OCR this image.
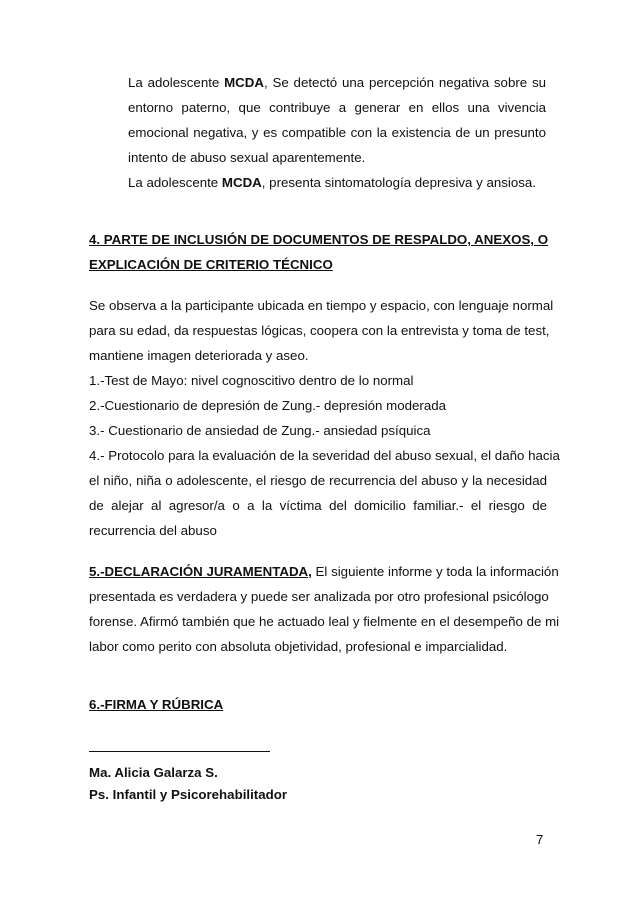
La adolescente MCDA, Se detectó una percepción negativa sobre su
entorno paterno, que contribuye a generar en ellos una vivencia
emocional negativa, y es compatible con la existencia de un presunto
intento de abuso sexual aparentemente.
La adolescente MCDA, presenta sintomatología depresiva y ansiosa.
4. PARTE DE INCLUSIÓN DE DOCUMENTOS DE RESPALDO, ANEXOS, O
EXPLICACIÓN DE CRITERIO TÉCNICO
Se observa a la participante ubicada en tiempo y espacio, con lenguaje normal
para su edad, da respuestas lógicas, coopera con la entrevista y toma de test,
mantiene imagen deteriorada y aseo.
1.-Test de Mayo: nivel cognoscitivo dentro de lo normal
2.-Cuestionario de depresión de Zung.- depresión moderada
3.- Cuestionario de ansiedad de Zung.- ansiedad psíquica
4.- Protocolo para la evaluación de la severidad del abuso sexual, el daño hacia
el niño, niña o adolescente, el riesgo de recurrencia del abuso y la necesidad
de alejar al agresor/a o a la víctima del domicilio familiar.- el riesgo de
recurrencia del abuso
5.-DECLARACIÓN JURAMENTADA, El siguiente informe y toda la información
presentada es verdadera y puede ser analizada por otro profesional psicólogo
forense. Afirmó también que he actuado leal y fielmente en el desempeño de mi
labor como perito con absoluta objetividad, profesional e imparcialidad.
6.-FIRMA Y RÚBRICA
Ma. Alicia Galarza S.
Ps. Infantil y Psicorehabilitador
7
